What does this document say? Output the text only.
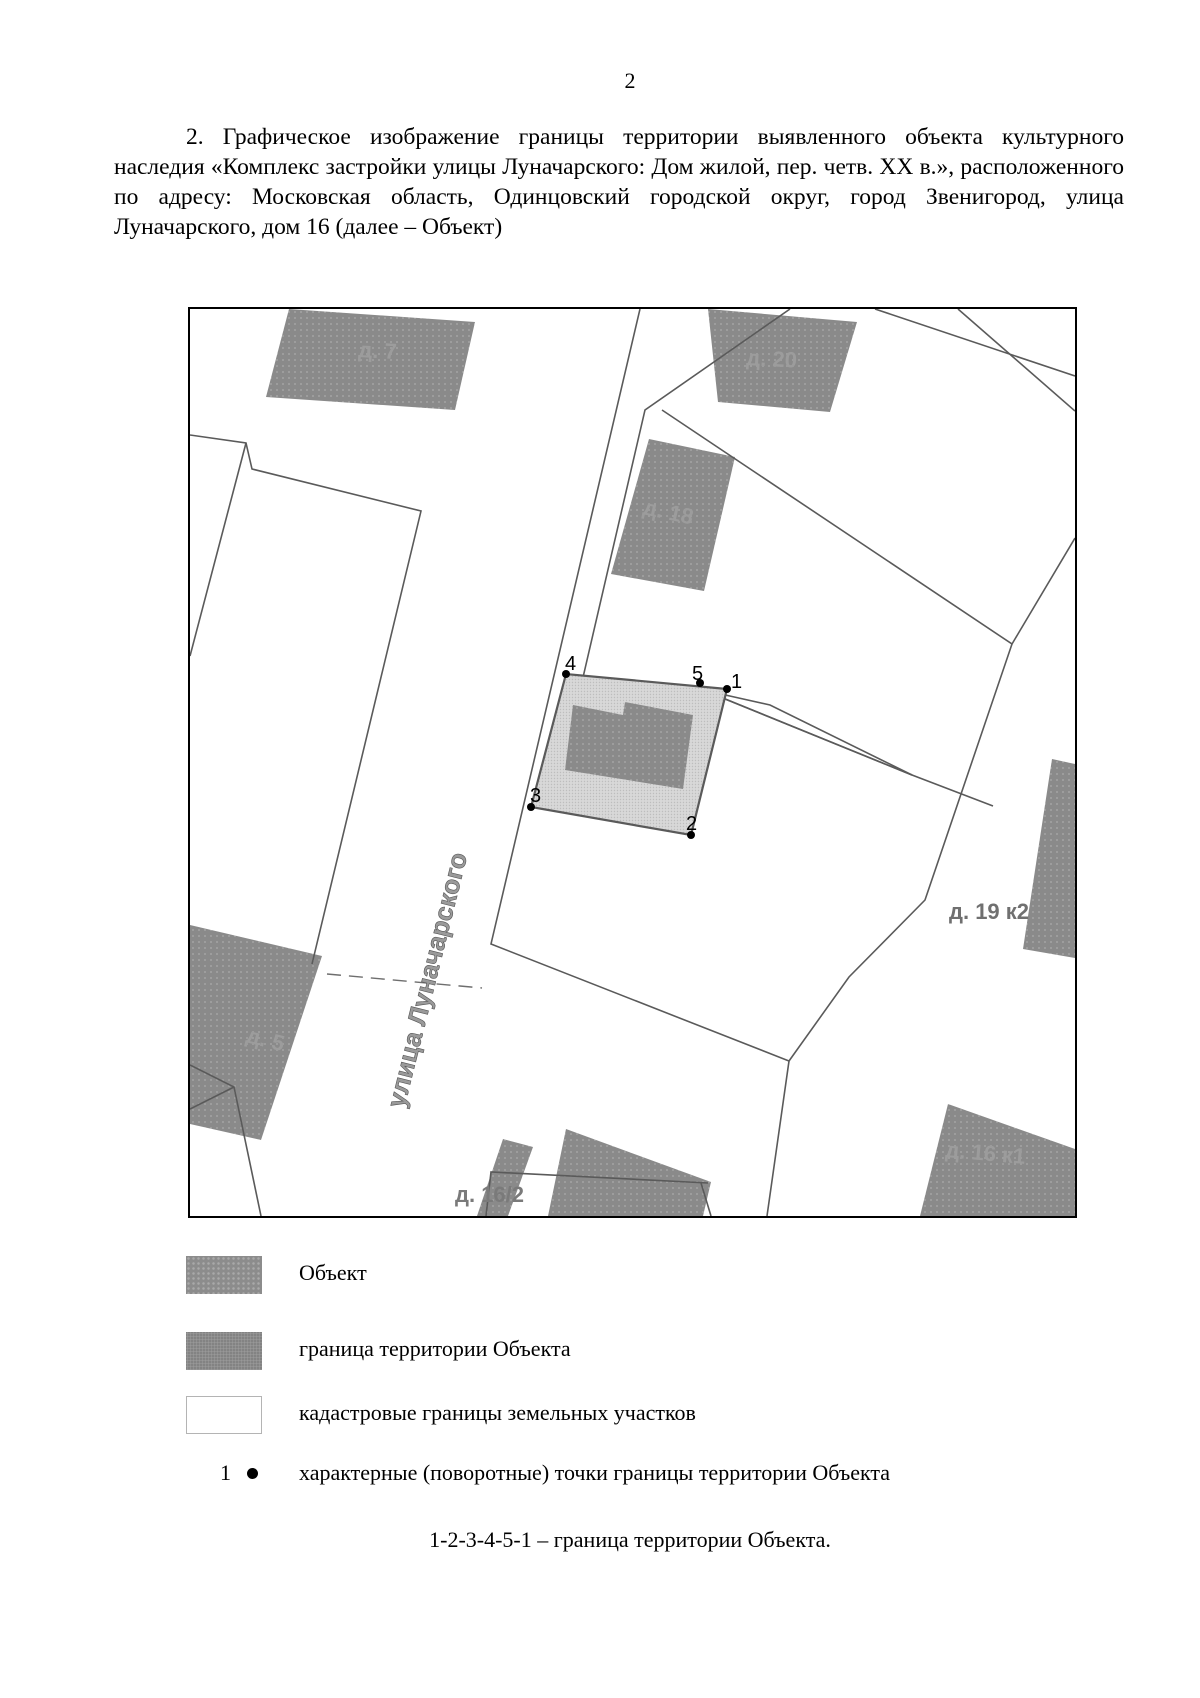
2
2. Графическое изображение границы территории выявленного объекта культурного наследия «Комплекс застройки улицы Луначарского: Дом жилой, пер. четв. XX в.», расположенного по адресу: Московская область, Одинцовский городской округ, город Звенигород, улица Луначарского, дом 16 (далее – Объект)
улица Луначарского
д. 7	д. 20
д. 18
д. 19 к2
д. 5
д. 16/2
д. 16 к1
1
2
3
4	5
Объект
граница территории Объекта
кадастровые границы земельных участков
1	характерные (поворотные) точки границы территории Объекта
1-2-3-4-5-1 – граница территории Объекта.
